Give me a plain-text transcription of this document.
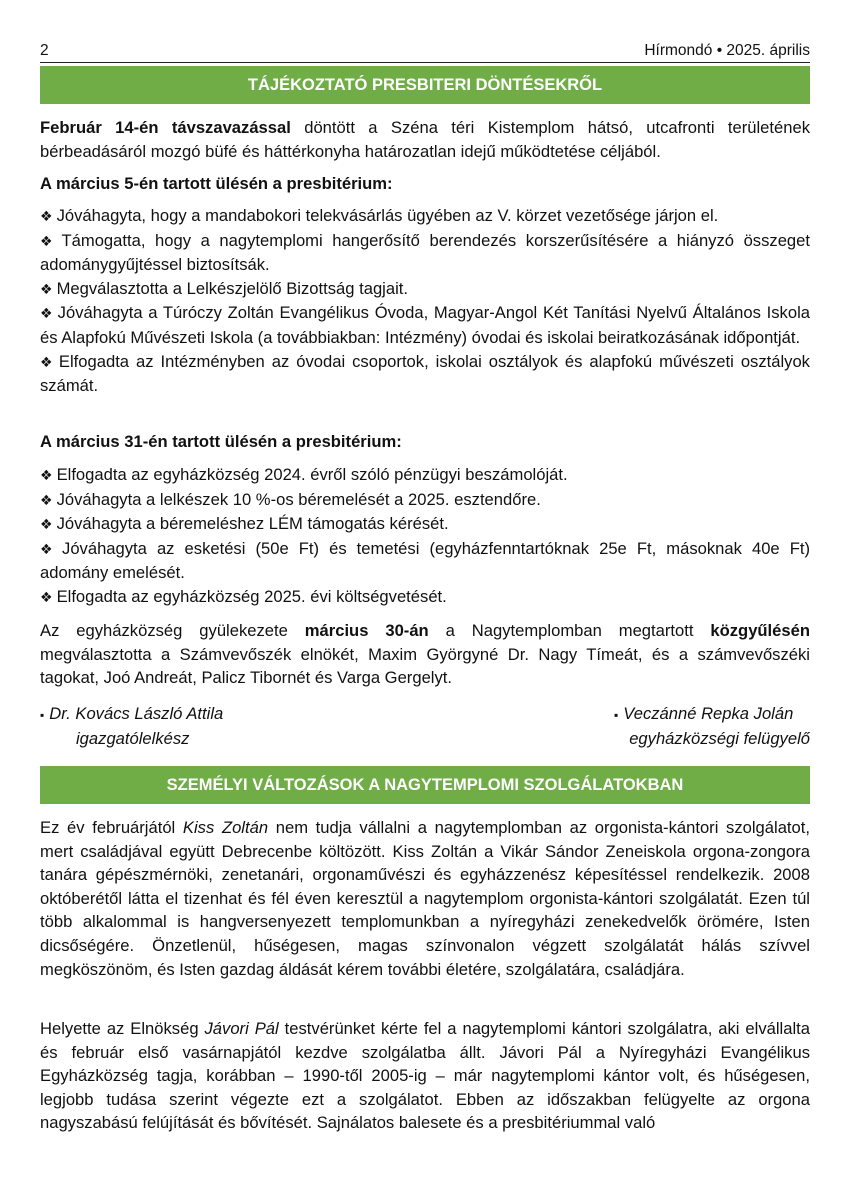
2	Hírmondó • 2025. április
TÁJÉKOZTATÓ PRESBITERI DÖNTÉSEKRŐL

Február 14-én távszavazással döntött a Széna téri Kistemplom hátsó, utcafronti területének bérbeadásáról mozgó büfé és háttérkonyha határozatlan idejű működtetése céljából.

A március 5-én tartott ülésén a presbitérium:

❖ Jóváhagyta, hogy a mandabokori telekvásárlás ügyében az V. körzet vezetősége járjon el.

❖ Támogatta, hogy a nagytemplomi hangerősítő berendezés korszerűsítésére a hiányzó összeget adománygyűjtéssel biztosítsák.

❖ Megválasztotta a Lelkészjelölő Bizottság tagjait.

❖ Jóváhagyta a Túróczy Zoltán Evangélikus Óvoda, Magyar-Angol Két Tanítási Nyelvű Általános Iskola és Alapfokú Művészeti Iskola (a továbbiakban: Intézmény) óvodai és iskolai beiratkozásának időpontját.

❖ Elfogadta az Intézményben az óvodai csoportok, iskolai osztályok és alapfokú művészeti osztályok számát.

A március 31-én tartott ülésén a presbitérium:

❖ Elfogadta az egyházközség 2024. évről szóló pénzügyi beszámolóját.

❖ Jóváhagyta a lelkészek 10 %-os béremelését a 2025. esztendőre.

❖ Jóváhagyta a béremeléshez LÉM támogatás kérését.

❖ Jóváhagyta az esketési (50e Ft) és temetési (egyházfenntartóknak 25e Ft, másoknak 40e Ft) adomány emelését.

❖ Elfogadta az egyházközség 2025. évi költségvetését.

Az egyházközség gyülekezete március 30-án a Nagytemplomban megtartott közgyűlésén megválasztotta a Számvevőszék elnökét, Maxim Györgyné Dr. Nagy Tímeát, és a számvevőszéki tagokat, Joó Andreát, Palicz Tibornét és Varga Gergelyt.

▪ Dr. Kovács László Attila
igazgatólelkész
▪ Veczánné Repka Jolán
egyházközségi felügyelő
SZEMÉLYI VÁLTOZÁSOK A NAGYTEMPLOMI SZOLGÁLATOKBAN

Ez év februárjától Kiss Zoltán nem tudja vállalni a nagytemplomban az orgonista-kántori szolgálatot, mert családjával együtt Debrecenbe költözött. Kiss Zoltán a Vikár Sándor Zeneiskola orgona-zongora tanára gépészmérnöki, zenetanári, orgonaművészi és egyházzenész képesítéssel rendelkezik. 2008 októberétől látta el tizenhat és fél éven keresztül a nagytemplom orgonista-kántori szolgálatát. Ezen túl több alkalommal is hangversenyezett templomunkban a nyíregyházi zenekedvelők örömére, Isten dicsőségére. Önzetlenül, hűségesen, magas színvonalon végzett szolgálatát hálás szívvel megköszönöm, és Isten gazdag áldását kérem további életére, szolgálatára, családjára.

Helyette az Elnökség Jávori Pál testvérünket kérte fel a nagytemplomi kántori szolgálatra, aki elvállalta és február első vasárnapjától kezdve szolgálatba állt. Jávori Pál a Nyíregyházi Evangélikus Egyházközség tagja, korábban – 1990-től 2005-ig – már nagytemplomi kántor volt, és hűségesen, legjobb tudása szerint végezte ezt a szolgálatot. Ebben az időszakban felügyelte az orgona nagyszabású felújítását és bővítését. Sajnálatos balesete és a presbitériummal való
